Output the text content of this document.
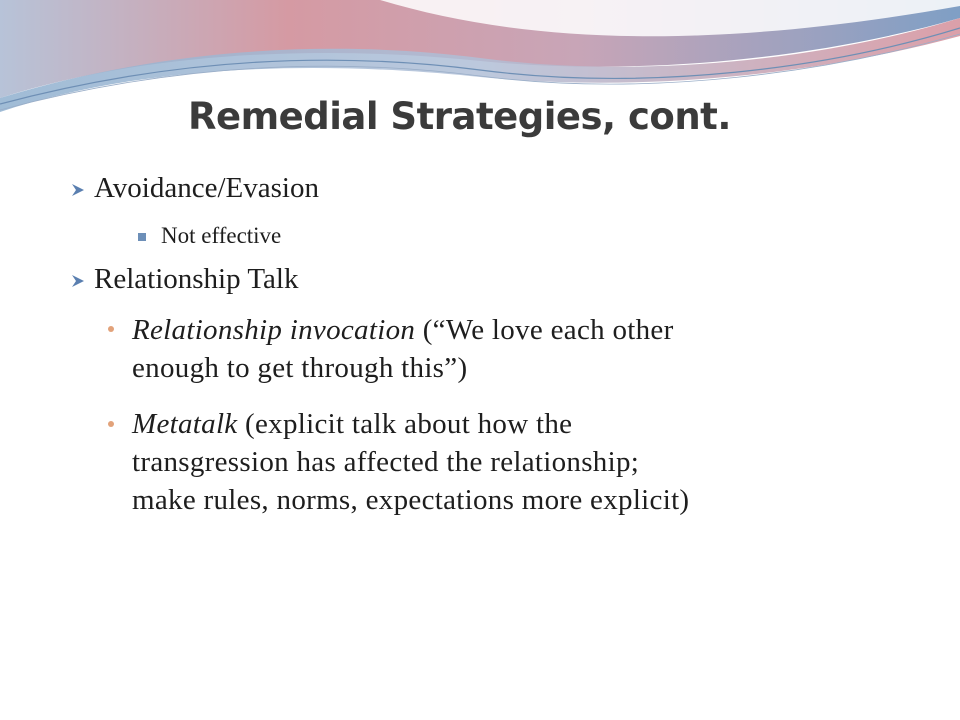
Remedial Strategies, cont.
Avoidance/Evasion
Not effective
Relationship Talk
Relationship invocation (“We love each other
enough to get through this”)
Metatalk (explicit talk about how the
transgression has affected the relationship;
make rules, norms, expectations more explicit)
